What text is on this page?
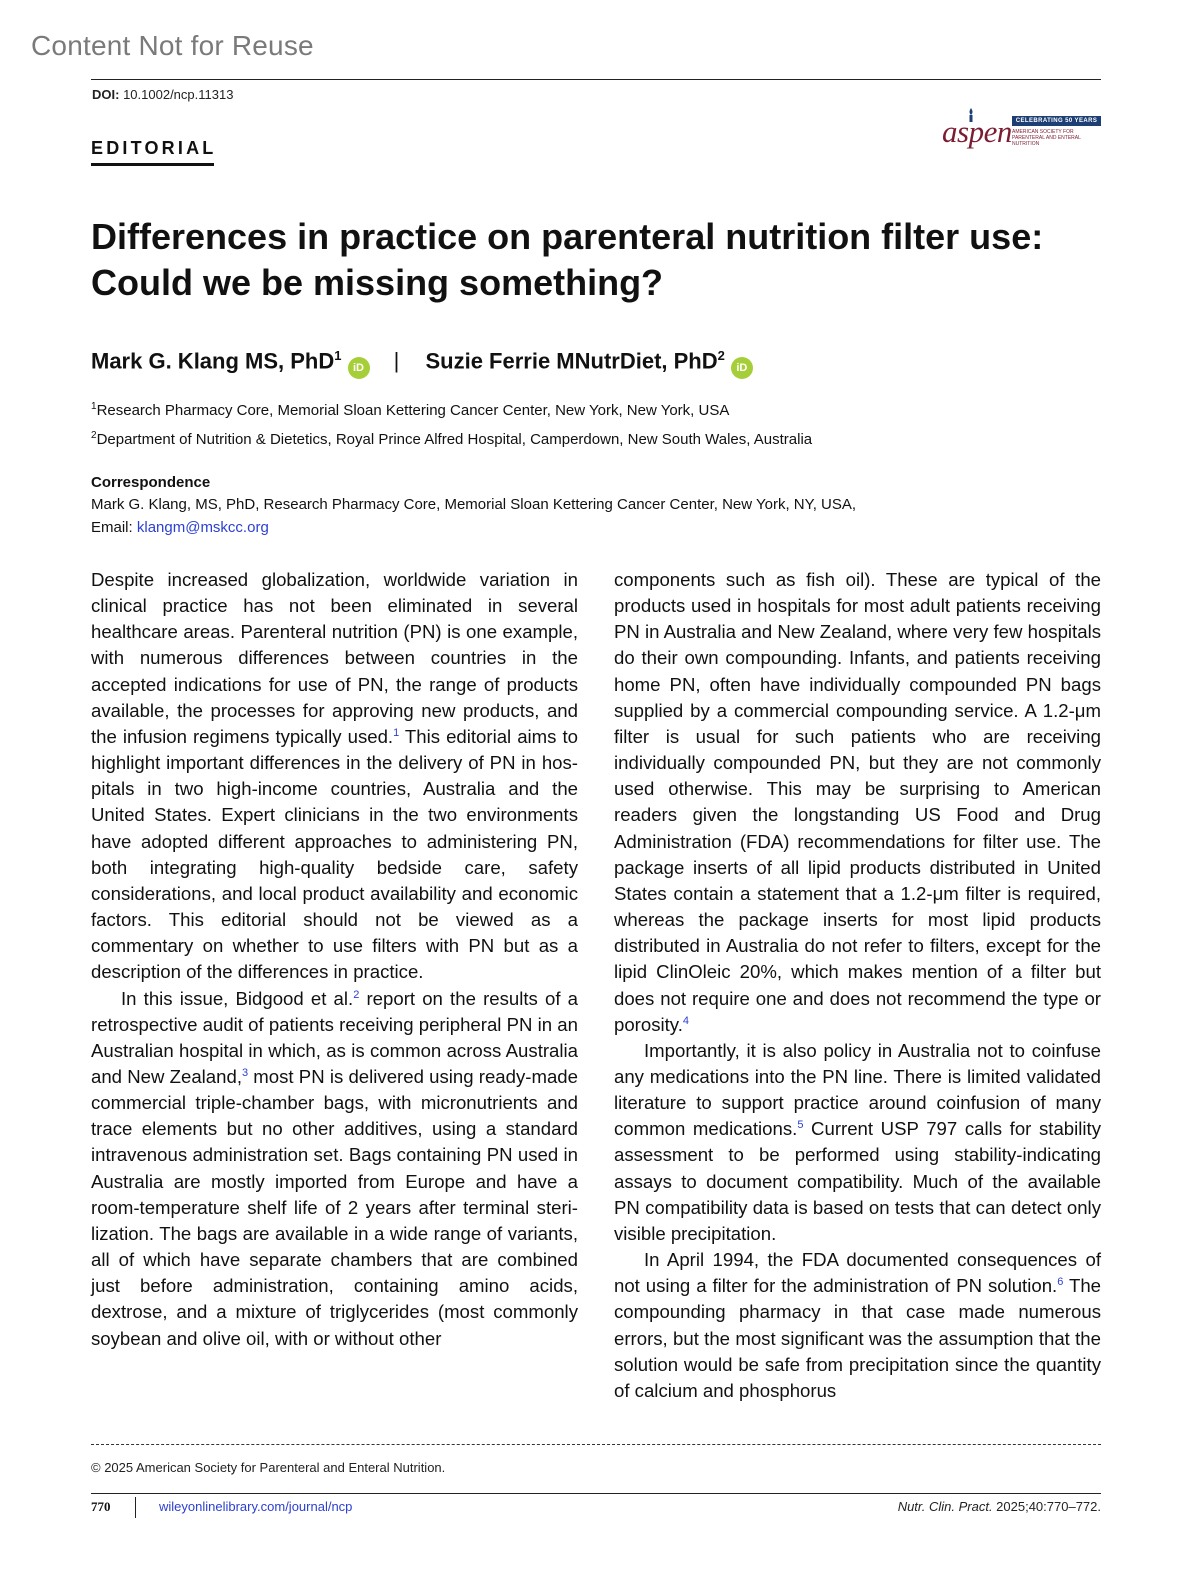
Content Not for Reuse
DOI: 10.1002/ncp.11313
EDITORIAL	aspen CELEBRATING 50 YEARS
AMERICAN SOCIETY FOR PARENTERAL AND ENTERAL NUTRITION
Differences in practice on parenteral nutrition filter use: Could we be missing something?
Mark G. Klang MS, PhD$^1$iD | Suzie Ferrie MNutrDiet, PhD$^2$iD
$^1$Research Pharmacy Core, Memorial Sloan Kettering Cancer Center, New York, New York, USA
$^2$Department of Nutrition & Dietetics, Royal Prince Alfred Hospital, Camperdown, New South Wales, Australia
Correspondence
Mark G. Klang, MS, PhD, Research Pharmacy Core, Memorial Sloan Kettering Cancer Center, New York, NY, USA,
Email: klangm@mskcc.org

Despite increased globalization, worldwide variation in clinical practice has not been eliminated in several healthcare areas. Parenteral nutrition (PN) is one example, with numerous differences between countries in the accepted indications for use of PN, the range of products available, the processes for approving new products, and the infusion regimens typically used.$^1$ This editorial aims to highlight important differences in the delivery of PN in hospitals in two high-income countries, Australia and the United States. Expert clinicians in the two environments have adopted different approaches to administering PN, both integrating high-quality bedside care, safety considerations, and local product availability and economic factors. This editorial should not be viewed as a commentary on whether to use filters with PN but as a description of the differences in practice.

In this issue, Bidgood et al.$^2$ report on the results of a retrospective audit of patients receiving peripheral PN in an Australian hospital in which, as is common across Australia and New Zealand,$^3$ most PN is delivered using ready-made commercial triple-chamber bags, with micronutrients and trace elements but no other additives, using a standard intravenous administration set. Bags containing PN used in Australia are mostly imported from Europe and have a room-temperature shelf life of 2 years after terminal sterilization. The bags are available in a wide range of variants, all of which have separate chambers that are combined just before administration, containing amino acids, dextrose, and a mixture of triglycerides (most commonly soybean and olive oil, with or without other

components such as fish oil). These are typical of the products used in hospitals for most adult patients receiving PN in Australia and New Zealand, where very few hospitals do their own compounding. Infants, and patients receiving home PN, often have individually compounded PN bags supplied by a commercial compounding service. A 1.2-μm filter is usual for such patients who are receiving individually compounded PN, but they are not commonly used otherwise. This may be surprising to American readers given the longstanding US Food and Drug Administration (FDA) recommendations for filter use. The package inserts of all lipid products distributed in United States contain a statement that a 1.2-μm filter is required, whereas the package inserts for most lipid products distributed in Australia do not refer to filters, except for the lipid ClinOleic 20%, which makes mention of a filter but does not require one and does not recommend the type or porosity.$^4$

Importantly, it is also policy in Australia not to coinfuse any medications into the PN line. There is limited validated literature to support practice around coinfusion of many common medications.$^5$ Current USP 797 calls for stability assessment to be performed using stability-indicating assays to document compatibility. Much of the available PN compatibility data is based on tests that can detect only visible precipitation.

In April 1994, the FDA documented consequences of not using a filter for the administration of PN solution.$^6$ The compounding pharmacy in that case made numerous errors, but the most significant was the assumption that the solution would be safe from precipitation since the quantity of calcium and phosphorus

© 2025 American Society for Parenteral and Enteral Nutrition.
770	wileyonlinelibrary.com/journal/ncp	Nutr. Clin. Pract. 2025;40:770–772.
